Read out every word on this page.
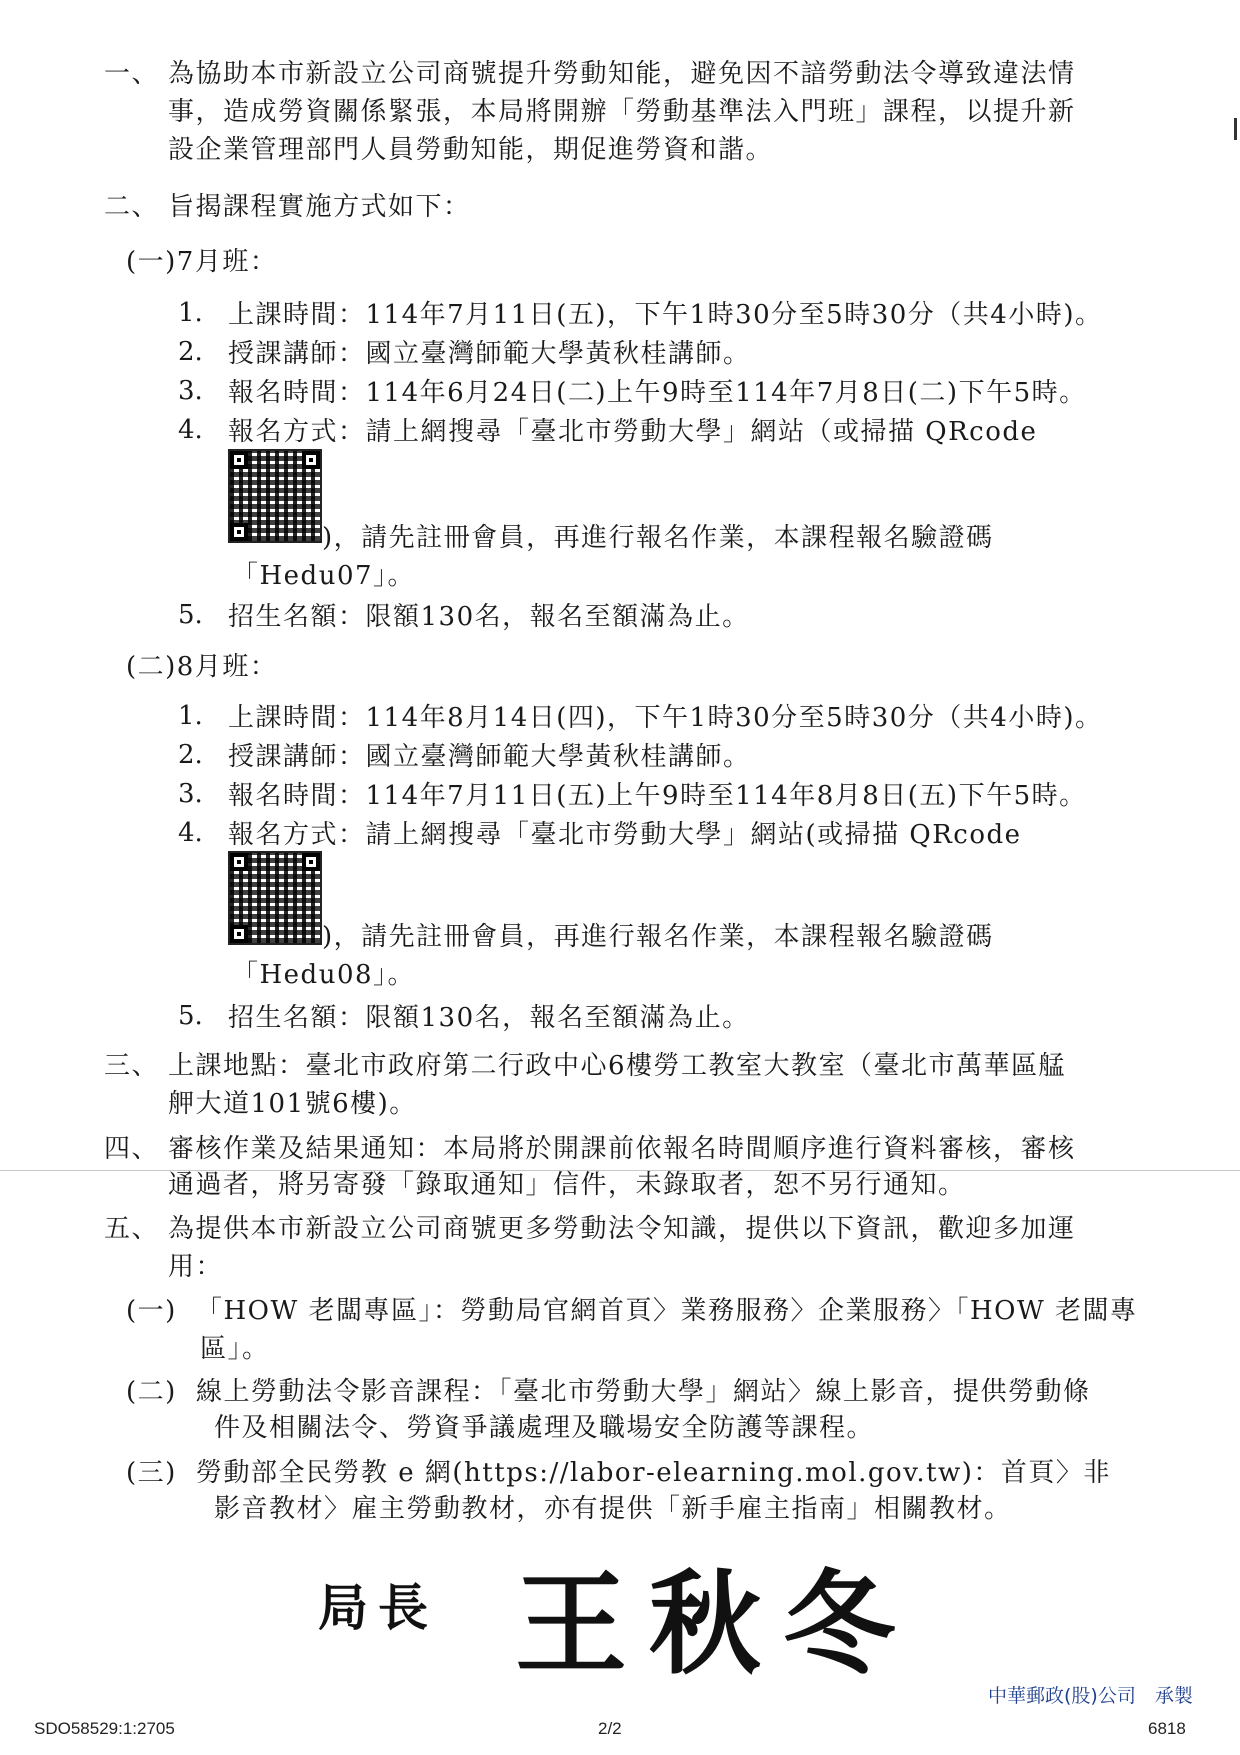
一、 為協助本市新設立公司商號提升勞動知能，避免因不諳勞動法令導致違法情
事，造成勞資關係緊張，本局將開辦「勞動基準法入門班」課程，以提升新
設企業管理部門人員勞動知能，期促進勞資和諧。
二、 旨揭課程實施方式如下：
(一)7月班：
1. 上課時間：114年7月11日(五)，下午1時30分至5時30分（共4小時)。
2. 授課講師：國立臺灣師範大學黃秋桂講師。
3. 報名時間：114年6月24日(二)上午9時至114年7月8日(二)下午5時。
4. 報名方式：請上網搜尋「臺北市勞動大學」網站（或掃描 QRcode
)，請先註冊會員，再進行報名作業，本課程報名驗證碼
「Hedu07」。
5. 招生名額：限額130名，報名至額滿為止。
(二)8月班：
1. 上課時間：114年8月14日(四)，下午1時30分至5時30分（共4小時)。
2. 授課講師：國立臺灣師範大學黃秋桂講師。
3. 報名時間：114年7月11日(五)上午9時至114年8月8日(五)下午5時。
4. 報名方式：請上網搜尋「臺北市勞動大學」網站(或掃描 QRcode
)，請先註冊會員，再進行報名作業，本課程報名驗證碼
「Hedu08」。
5. 招生名額：限額130名，報名至額滿為止。
三、 上課地點：臺北市政府第二行政中心6樓勞工教室大教室（臺北市萬華區艋
舺大道101號6樓)。
四、 審核作業及結果通知：本局將於開課前依報名時間順序進行資料審核，審核
通過者，將另寄發「錄取通知」信件，未錄取者，恕不另行通知。
五、 為提供本市新設立公司商號更多勞動法令知識，提供以下資訊，歡迎多加運
用：
(一) 「HOW 老闆專區」：勞動局官網首頁〉業務服務〉企業服務〉「HOW 老闆專
區」。
(二) 線上勞動法令影音課程：「臺北市勞動大學」網站〉線上影音，提供勞動條
件及相關法令、勞資爭議處理及職場安全防護等課程。
(三) 勞動部全民勞教 e 網(https://labor-elearning.mol.gov.tw)：首頁〉非
影音教材〉雇主勞動教材，亦有提供「新手雇主指南」相關教材。
局長 王秋冬
中華郵政(股)公司　承製
SDO58529:1:2705	2/2	6818
